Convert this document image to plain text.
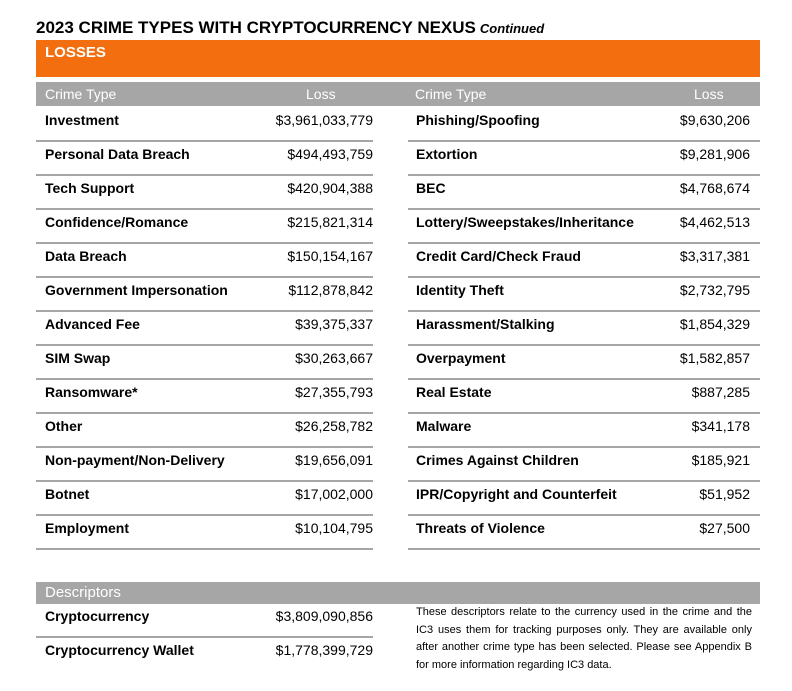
2023 CRIME TYPES WITH CRYPTOCURRENCY NEXUS Continued
LOSSES
Crime Type	Loss	Crime Type	Loss
Investment	$3,961,033,779	Phishing/Spoofing	$9,630,206
Personal Data Breach	$494,493,759	Extortion	$9,281,906
Tech Support	$420,904,388	BEC	$4,768,674
Confidence/Romance	$215,821,314	Lottery/Sweepstakes/Inheritance	$4,462,513
Data Breach	$150,154,167	Credit Card/Check Fraud	$3,317,381
Government Impersonation	$112,878,842	Identity Theft	$2,732,795
Advanced Fee	$39,375,337	Harassment/Stalking	$1,854,329
SIM Swap	$30,263,667	Overpayment	$1,582,857
Ransomware*	$27,355,793	Real Estate	$887,285
Other	$26,258,782	Malware	$341,178
Non-payment/Non-Delivery	$19,656,091	Crimes Against Children	$185,921
Botnet	$17,002,000	IPR/Copyright and Counterfeit	$51,952
Employment	$10,104,795	Threats of Violence	$27,500
Descriptors
Cryptocurrency	$3,809,090,856
Cryptocurrency Wallet	$1,778,399,729
These descriptors relate to the currency used in the crime and the IC3 uses them for tracking purposes only. They are available only after another crime type has been selected. Please see Appendix B for more information regarding IC3 data.
